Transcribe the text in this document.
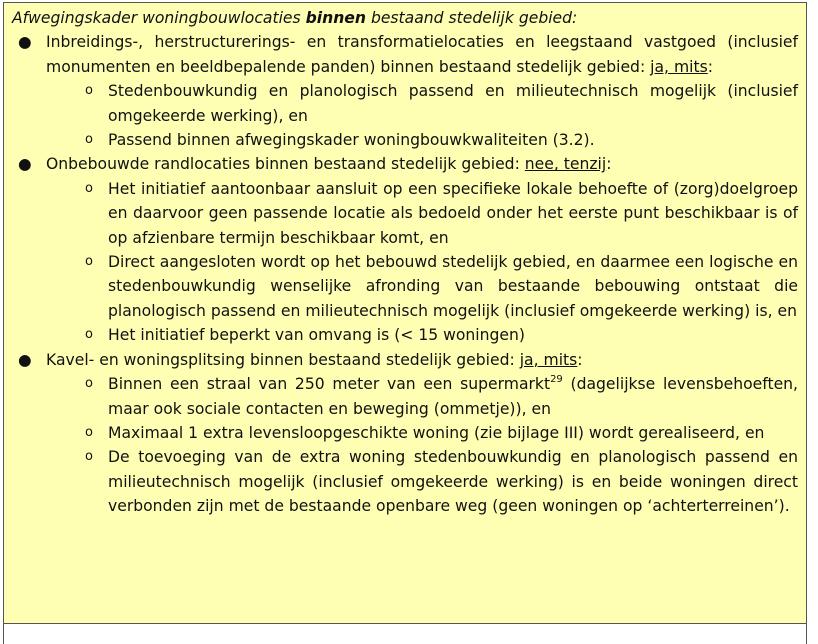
Afwegingskader woningbouwlocaties binnen bestaand stedelijk gebied:
● Inbreidings-, herstructurerings- en transformatielocaties en leegstaand vastgoed (inclusief monumenten en beeldbepalende panden) binnen bestaand stedelijk gebied: ja, mits:
o Stedenbouwkundig en planologisch passend en milieutechnisch mogelijk (inclusief omgekeerde werking), en
o Passend binnen afwegingskader woningbouwkwaliteiten (3.2).
● Onbebouwde randlocaties binnen bestaand stedelijk gebied: nee, tenzij:
o Het initiatief aantoonbaar aansluit op een specifieke lokale behoefte of (zorg)doelgroep en daarvoor geen passende locatie als bedoeld onder het eerste punt beschikbaar is of op afzienbare termijn beschikbaar komt, en
o Direct aangesloten wordt op het bebouwd stedelijk gebied, en daarmee een logische en stedenbouwkundig wenselijke afronding van bestaande bebouwing ontstaat die planologisch passend en milieutechnisch mogelijk (inclusief omgekeerde werking) is, en
o Het initiatief beperkt van omvang is (< 15 woningen)
● Kavel- en woningsplitsing binnen bestaand stedelijk gebied: ja, mits:
o Binnen een straal van 250 meter van een supermarkt$^{29}$ (dagelijkse levensbehoeften, maar ook sociale contacten en beweging (ommetje)), en
o Maximaal 1 extra levensloopgeschikte woning (zie bijlage III) wordt gerealiseerd, en
o De toevoeging van de extra woning stedenbouwkundig en planologisch passend en milieutechnisch mogelijk (inclusief omgekeerde werking) is en beide woningen direct verbonden zijn met de bestaande openbare weg (geen woningen op ‘achterterreinen’).
